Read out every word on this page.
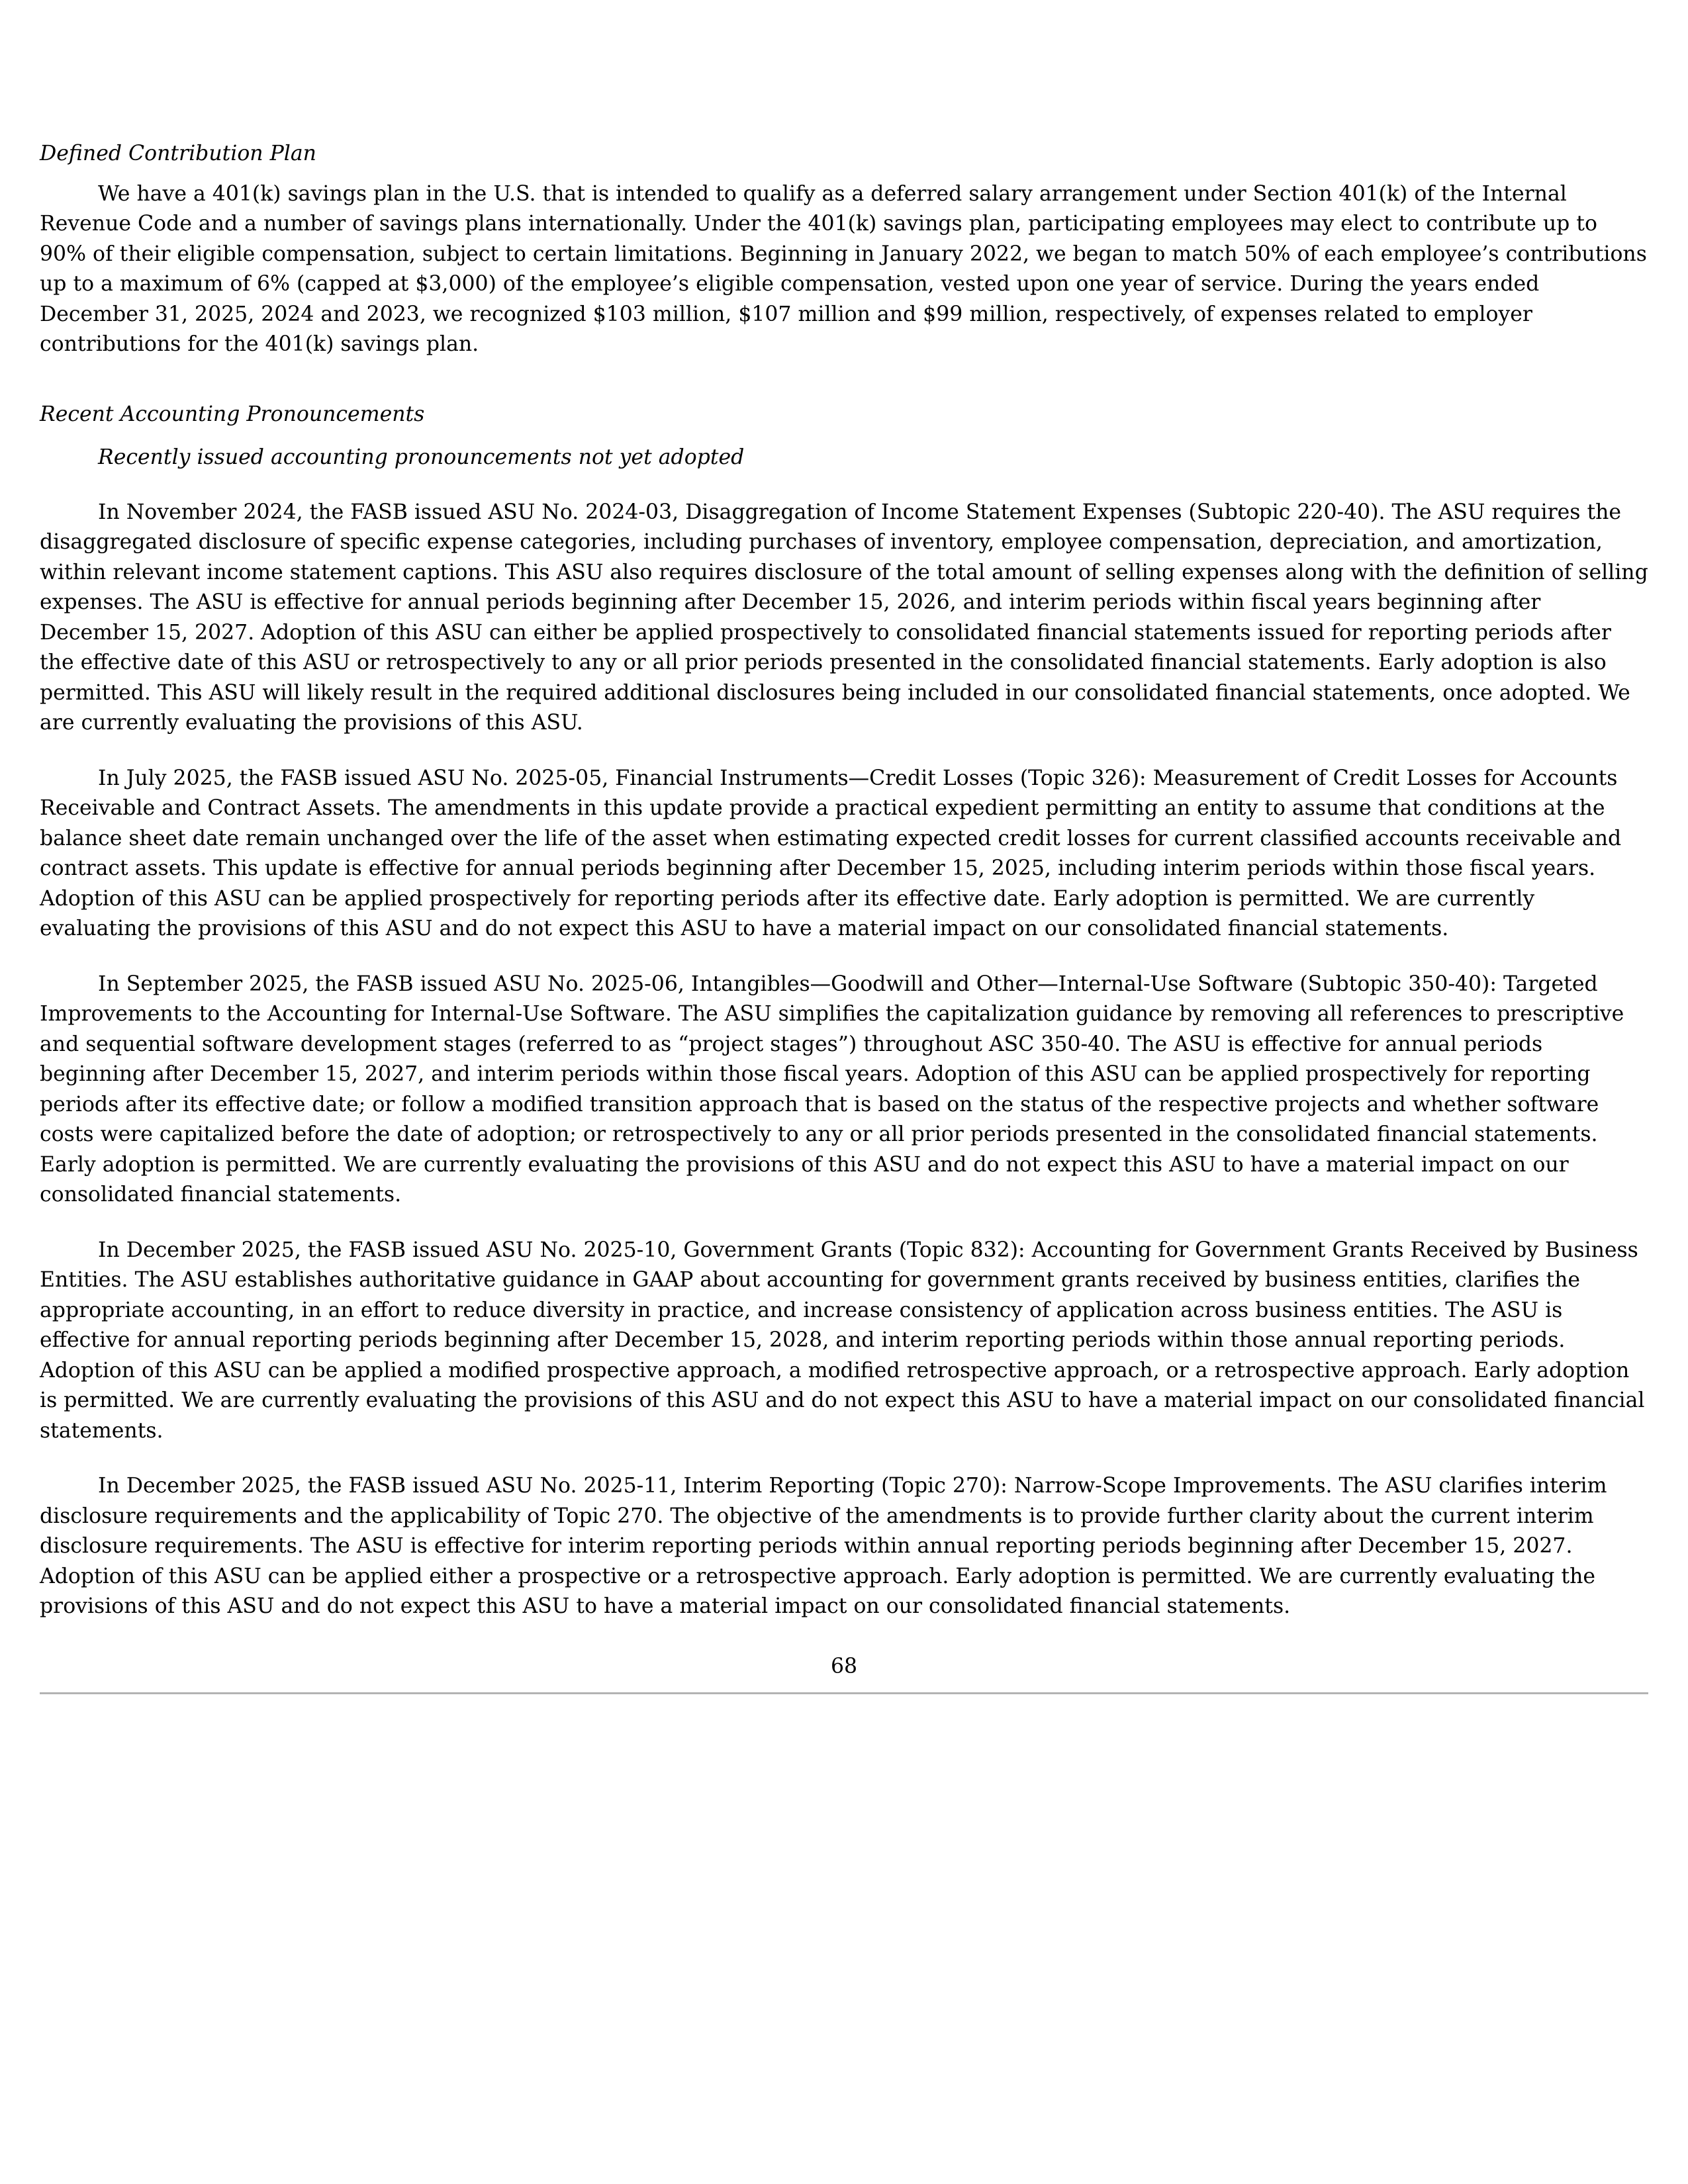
Defined Contribution Plan

We have a 401(k) savings plan in the U.S. that is intended to qualify as a deferred salary arrangement under Section 401(k) of the Internal Revenue Code and a number of savings plans internationally. Under the 401(k) savings plan, participating employees may elect to contribute up to 90% of their eligible compensation, subject to certain limitations. Beginning in January 2022, we began to match 50% of each employee’s contributions up to a maximum of 6% (capped at $3,000) of the employee’s eligible compensation, vested upon one year of service. During the years ended December 31, 2025, 2024 and 2023, we recognized $103 million, $107 million and $99 million, respectively, of expenses related to employer contributions for the 401(k) savings plan.

Recent Accounting Pronouncements

Recently issued accounting pronouncements not yet adopted

In November 2024, the FASB issued ASU No. 2024-03, Disaggregation of Income Statement Expenses (Subtopic 220-40). The ASU requires the disaggregated disclosure of specific expense categories, including purchases of inventory, employee compensation, depreciation, and amortization, within relevant income statement captions. This ASU also requires disclosure of the total amount of selling expenses along with the definition of selling expenses. The ASU is effective for annual periods beginning after December 15, 2026, and interim periods within fiscal years beginning after December 15, 2027. Adoption of this ASU can either be applied prospectively to consolidated financial statements issued for reporting periods after the effective date of this ASU or retrospectively to any or all prior periods presented in the consolidated financial statements. Early adoption is also permitted. This ASU will likely result in the required additional disclosures being included in our consolidated financial statements, once adopted. We are currently evaluating the provisions of this ASU.

In July 2025, the FASB issued ASU No. 2025-05, Financial Instruments—Credit Losses (Topic 326): Measurement of Credit Losses for Accounts Receivable and Contract Assets. The amendments in this update provide a practical expedient permitting an entity to assume that conditions at the balance sheet date remain unchanged over the life of the asset when estimating expected credit losses for current classified accounts receivable and contract assets. This update is effective for annual periods beginning after December 15, 2025, including interim periods within those fiscal years. Adoption of this ASU can be applied prospectively for reporting periods after its effective date. Early adoption is permitted. We are currently evaluating the provisions of this ASU and do not expect this ASU to have a material impact on our consolidated financial statements.

In September 2025, the FASB issued ASU No. 2025-06, Intangibles—Goodwill and Other—Internal-Use Software (Subtopic 350-40): Targeted Improvements to the Accounting for Internal-Use Software. The ASU simplifies the capitalization guidance by removing all references to prescriptive and sequential software development stages (referred to as “project stages”) throughout ASC 350-40. The ASU is effective for annual periods beginning after December 15, 2027, and interim periods within those fiscal years. Adoption of this ASU can be applied prospectively for reporting periods after its effective date; or follow a modified transition approach that is based on the status of the respective projects and whether software costs were capitalized before the date of adoption; or retrospectively to any or all prior periods presented in the consolidated financial statements. Early adoption is permitted. We are currently evaluating the provisions of this ASU and do not expect this ASU to have a material impact on our consolidated financial statements.

In December 2025, the FASB issued ASU No. 2025-10, Government Grants (Topic 832): Accounting for Government Grants Received by Business Entities. The ASU establishes authoritative guidance in GAAP about accounting for government grants received by business entities, clarifies the appropriate accounting, in an effort to reduce diversity in practice, and increase consistency of application across business entities. The ASU is effective for annual reporting periods beginning after December 15, 2028, and interim reporting periods within those annual reporting periods. Adoption of this ASU can be applied a modified prospective approach, a modified retrospective approach, or a retrospective approach. Early adoption is permitted. We are currently evaluating the provisions of this ASU and do not expect this ASU to have a material impact on our consolidated financial statements.

In December 2025, the FASB issued ASU No. 2025-11, Interim Reporting (Topic 270): Narrow-Scope Improvements. The ASU clarifies interim disclosure requirements and the applicability of Topic 270. The objective of the amendments is to provide further clarity about the current interim disclosure requirements. The ASU is effective for interim reporting periods within annual reporting periods beginning after December 15, 2027. Adoption of this ASU can be applied either a prospective or a retrospective approach. Early adoption is permitted. We are currently evaluating the provisions of this ASU and do not expect this ASU to have a material impact on our consolidated financial statements.

68
